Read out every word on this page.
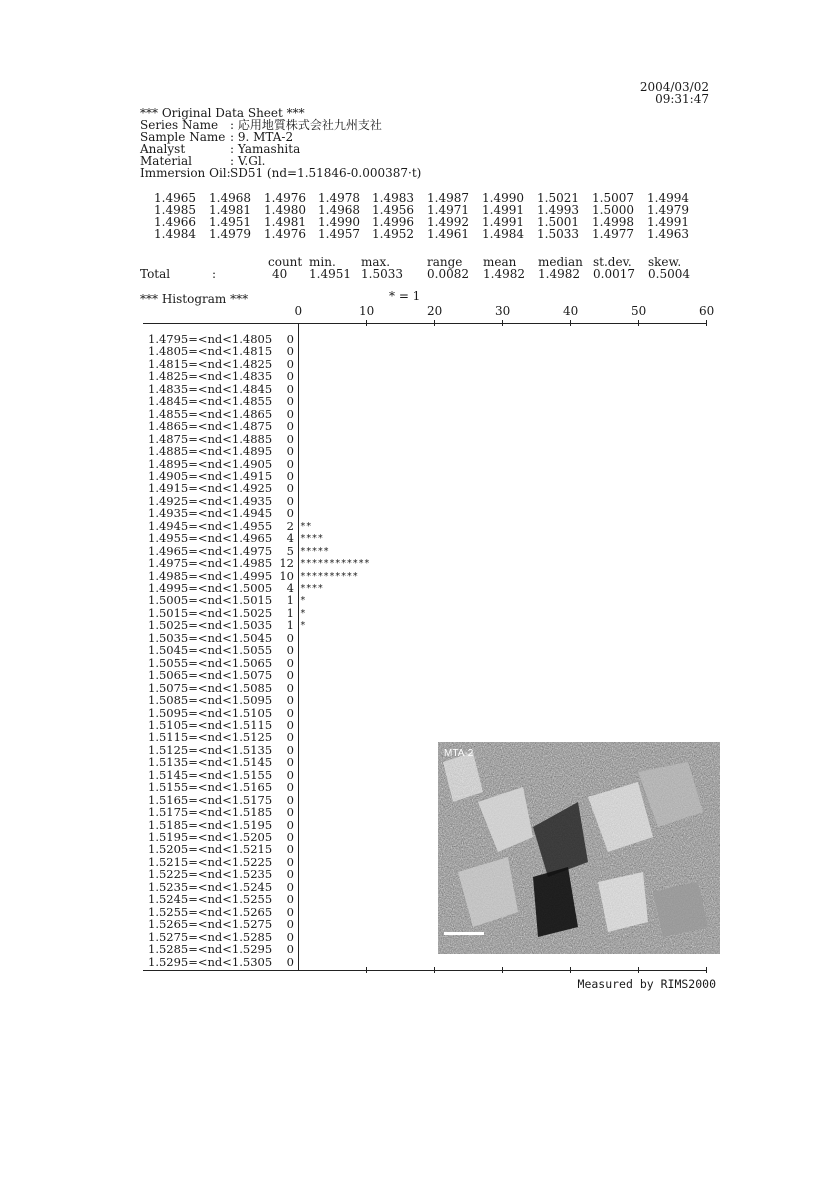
2004/03/02
09:31:47
*** Original Data Sheet ***
Series Name : 応用地質株式会社九州支社
Sample Name : 9. MTA-2
Analyst	: Yamashita
Material	: V.Gl.
Immersion Oil: SD51 (nd=1.51846-0.000387·t)
1.4965 1.4968 1.4976 1.4978 1.4983 1.4987 1.4990 1.5021 1.5007 1.4994
1.4985 1.4981 1.4980 1.4968 1.4956 1.4971 1.4991 1.4993 1.5000 1.4979
1.4966 1.4951 1.4981 1.4990 1.4996 1.4992 1.4991 1.5001 1.4998 1.4991
1.4984 1.4979 1.4976 1.4957 1.4952 1.4961 1.4984 1.5033 1.4977 1.4963
count min. max.	range mean median st.dev. skew.
Total	:	40 1.4951 1.5033 0.0082 1.4982 1.4982 0.0017 0.5004
*** Histogram ***	* = 1
0	10	20	30	40	50	60
1.4795=<nd<1.4805	0
1.4805=<nd<1.4815	0
1.4815=<nd<1.4825	0
1.4825=<nd<1.4835	0
1.4835=<nd<1.4845	0
1.4845=<nd<1.4855	0
1.4855=<nd<1.4865	0
1.4865=<nd<1.4875	0
1.4875=<nd<1.4885	0
1.4885=<nd<1.4895	0
1.4895=<nd<1.4905	0
1.4905=<nd<1.4915	0
1.4915=<nd<1.4925	0
1.4925=<nd<1.4935	0
1.4935=<nd<1.4945	0
1.4945=<nd<1.4955	2 **
1.4955=<nd<1.4965	4 ****
1.4965=<nd<1.4975	5 *****
1.4975=<nd<1.4985 12 ************
1.4985=<nd<1.4995 10 **********
1.4995=<nd<1.5005	4 ****
1.5005=<nd<1.5015	1 *
1.5015=<nd<1.5025	1 *
1.5025=<nd<1.5035	1 *
1.5035=<nd<1.5045	0
1.5045=<nd<1.5055	0
1.5055=<nd<1.5065	0
1.5065=<nd<1.5075	0
1.5075=<nd<1.5085	0
1.5085=<nd<1.5095	0
1.5095=<nd<1.5105	0
1.5105=<nd<1.5115	0
1.5115=<nd<1.5125	0
1.5125=<nd<1.5135	0
1.5135=<nd<1.5145	0
1.5145=<nd<1.5155	0
1.5155=<nd<1.5165	0
1.5165=<nd<1.5175	0
1.5175=<nd<1.5185	0
1.5185=<nd<1.5195	0
1.5195=<nd<1.5205	0
1.5205=<nd<1.5215	0
1.5215=<nd<1.5225	0
1.5225=<nd<1.5235	0
1.5235=<nd<1.5245	0
1.5245=<nd<1.5255	0
1.5255=<nd<1.5265	0
1.5265=<nd<1.5275	0
1.5275=<nd<1.5285	0
1.5285=<nd<1.5295	0
1.5295=<nd<1.5305	0
MTA-2
Measured by RIMS2000
